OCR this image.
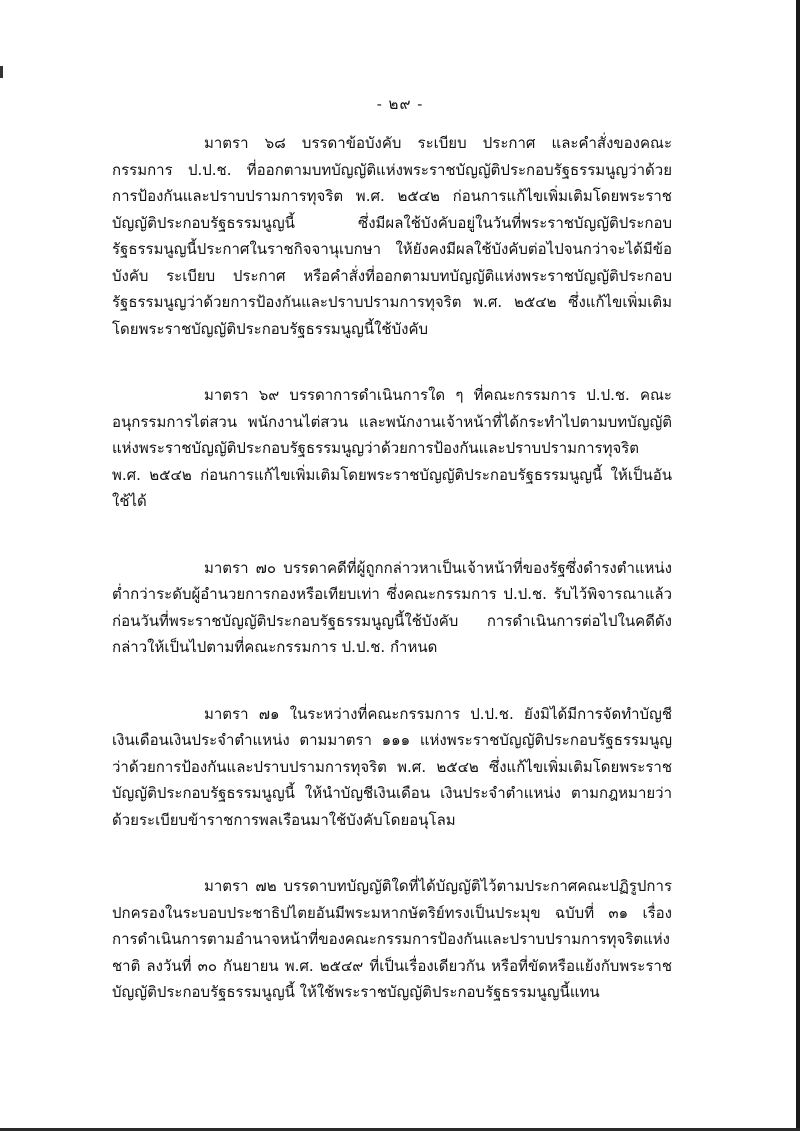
- ๒๙ -

มาตรา ๖๘ บรรดาข้อบังคับ ระเบียบ ประกาศ และคำสั่งของคณะกรรมการ ป.ป.ช. ที่ออกตามบทบัญญัติแห่งพระราชบัญญัติประกอบรัฐธรรมนูญว่าด้วยการป้องกันและปราบปรามการทุจริต พ.ศ. ๒๕๔๒ ก่อนการแก้ไขเพิ่มเติมโดยพระราชบัญญัติประกอบรัฐธรรมนูญนี้ ซึ่งมีผลใช้บังคับอยู่ในวันที่พระราชบัญญัติประกอบรัฐธรรมนูญนี้ประกาศในราชกิจจานุเบกษา ให้ยังคงมีผลใช้บังคับต่อไปจนกว่าจะได้มีข้อบังคับ ระเบียบ ประกาศ หรือคำสั่งที่ออกตามบทบัญญัติแห่งพระราชบัญญัติประกอบรัฐธรรมนูญว่าด้วยการป้องกันและปราบปรามการทุจริต พ.ศ. ๒๕๔๒ ซึ่งแก้ไขเพิ่มเติมโดยพระราชบัญญัติประกอบรัฐธรรมนูญนี้ใช้บังคับ

มาตรา ๖๙ บรรดาการดำเนินการใด ๆ ที่คณะกรรมการ ป.ป.ช. คณะอนุกรรมการไต่สวน พนักงานไต่สวน และพนักงานเจ้าหน้าที่ได้กระทำไปตามบทบัญญัติแห่งพระราชบัญญัติประกอบรัฐธรรมนูญว่าด้วยการป้องกันและปราบปรามการทุจริต พ.ศ. ๒๕๔๒ ก่อนการแก้ไขเพิ่มเติมโดยพระราชบัญญัติประกอบรัฐธรรมนูญนี้ ให้เป็นอันใช้ได้

มาตรา ๗๐ บรรดาคดีที่ผู้ถูกกล่าวหาเป็นเจ้าหน้าที่ของรัฐซึ่งดำรงตำแหน่งต่ำกว่าระดับผู้อำนวยการกองหรือเทียบเท่า ซึ่งคณะกรรมการ ป.ป.ช. รับไว้พิจารณาแล้ว ก่อนวันที่พระราชบัญญัติประกอบรัฐธรรมนูญนี้ใช้บังคับ การดำเนินการต่อไปในคดีดังกล่าวให้เป็นไปตามที่คณะกรรมการ ป.ป.ช. กำหนด

มาตรา ๗๑ ในระหว่างที่คณะกรรมการ ป.ป.ช. ยังมิได้มีการจัดทำบัญชีเงินเดือนเงินประจำตำแหน่ง ตามมาตรา ๑๑๑ แห่งพระราชบัญญัติประกอบรัฐธรรมนูญว่าด้วยการป้องกันและปราบปรามการทุจริต พ.ศ. ๒๕๔๒ ซึ่งแก้ไขเพิ่มเติมโดยพระราชบัญญัติประกอบรัฐธรรมนูญนี้ ให้นำบัญชีเงินเดือน เงินประจำตำแหน่ง ตามกฎหมายว่าด้วยระเบียบข้าราชการพลเรือนมาใช้บังคับโดยอนุโลม

มาตรา ๗๒ บรรดาบทบัญญัติใดที่ได้บัญญัติไว้ตามประกาศคณะปฏิรูปการปกครองในระบอบประชาธิปไตยอันมีพระมหากษัตริย์ทรงเป็นประมุข ฉบับที่ ๓๑ เรื่อง การดำเนินการตามอำนาจหน้าที่ของคณะกรรมการป้องกันและปราบปรามการทุจริตแห่งชาติ ลงวันที่ ๓๐ กันยายน พ.ศ. ๒๕๔๙ ที่เป็นเรื่องเดียวกัน หรือที่ขัดหรือแย้งกับพระราชบัญญัติประกอบรัฐธรรมนูญนี้ ให้ใช้พระราชบัญญัติประกอบรัฐธรรมนูญนี้แทน
